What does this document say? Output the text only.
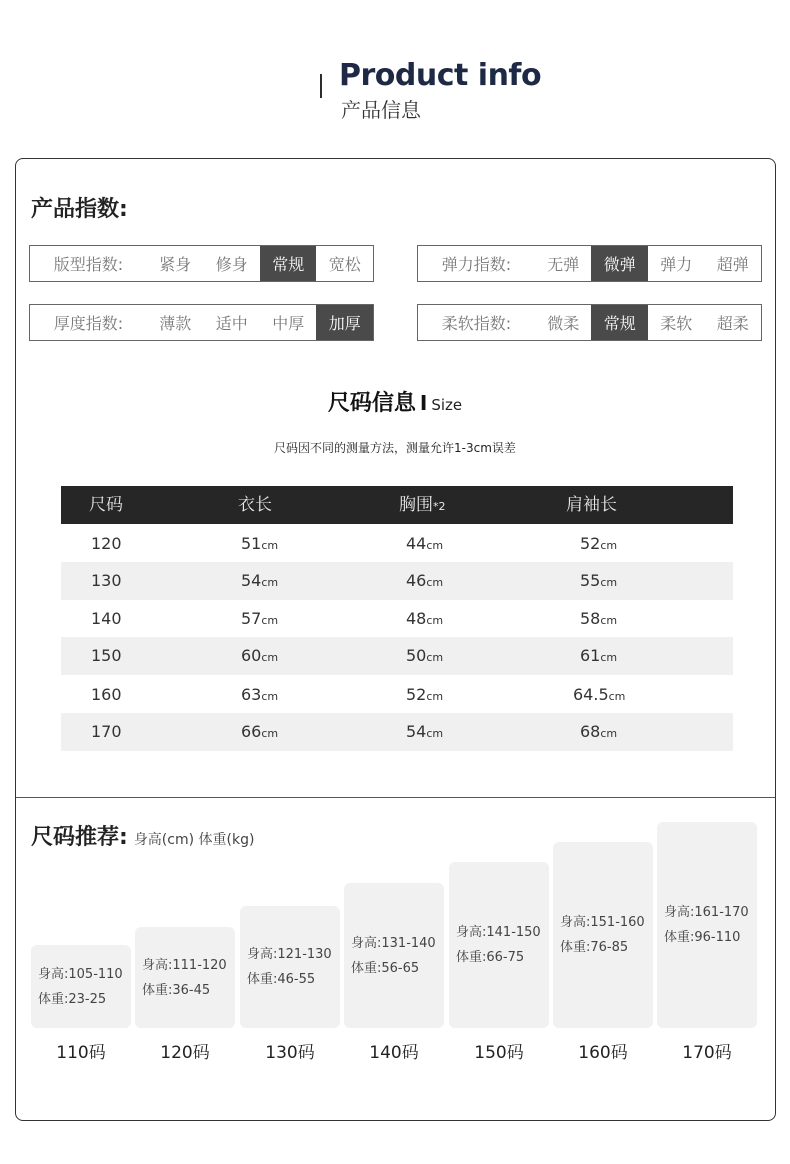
Product info
产品信息
产品指数:
版型指数:	紧身	修身	常规	宽松	弹力指数:	无弹	微弹	弹力	超弹
厚度指数:	薄款	适中	中厚	加厚	柔软指数:	微柔	常规	柔软	超柔
尺码信息 I Size
尺码因不同的测量方法，测量允许1-3cm误差
尺码	衣长	胸围*2	肩袖长
120	51cm	44cm	52cm
130	54cm	46cm	55cm
140	57cm	48cm	58cm
150	60cm	50cm	61cm
160	63cm	52cm	64.5cm
170	66cm	54cm	68cm
尺码推荐: 身高(cm) 体重(kg)
身高:105-110
体重:23-25
身高:111-120
体重:36-45
身高:121-130
体重:46-55
身高:131-140
体重:56-65
身高:141-150
体重:66-75
身高:151-160
体重:76-85
身高:161-170
体重:96-110
110码	120码	130码	140码	150码	160码	170码
